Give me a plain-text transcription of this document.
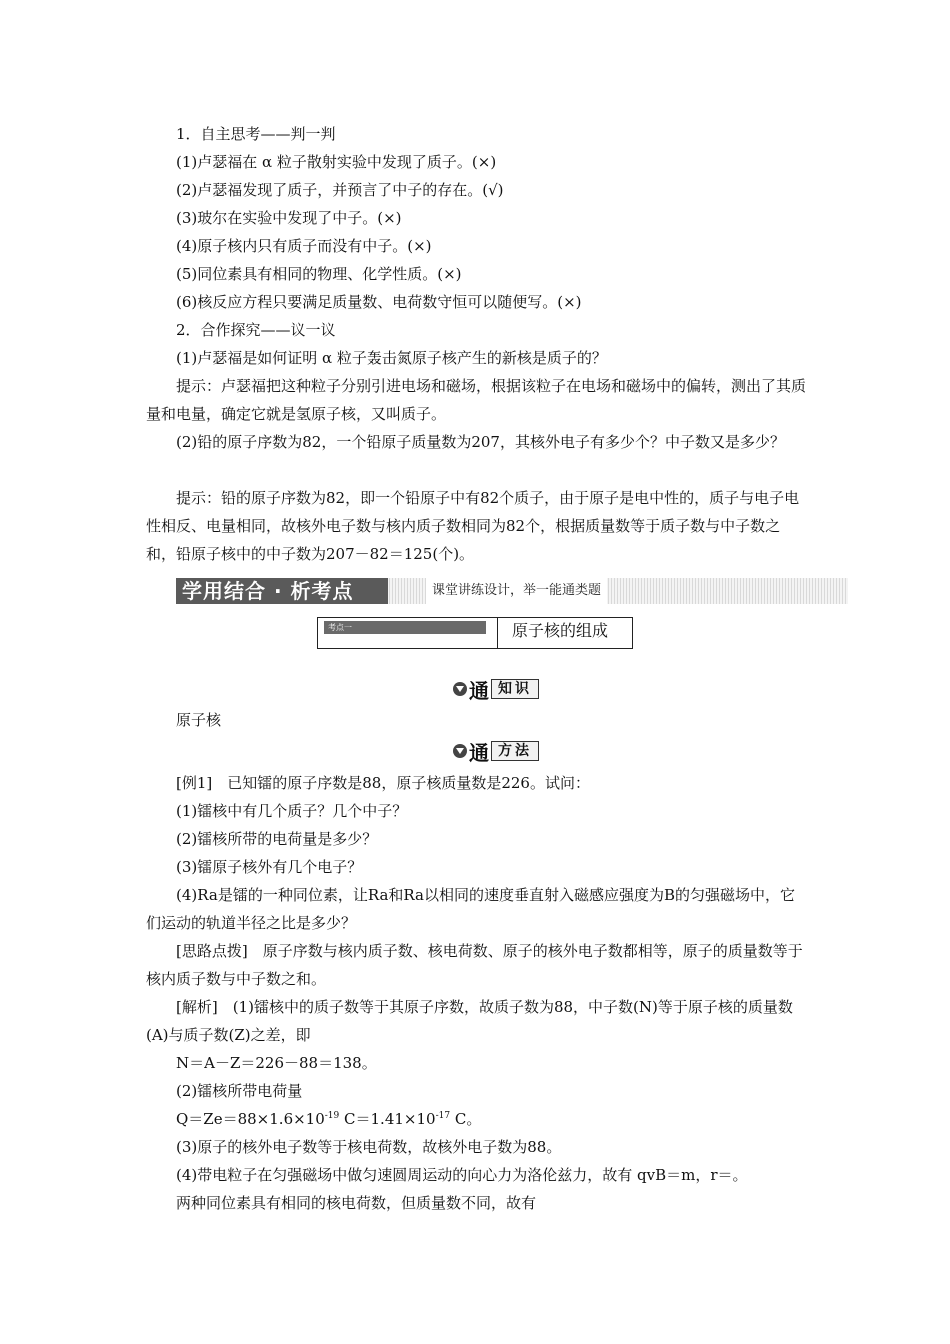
1．自主思考——判一判

(1)卢瑟福在 α 粒子散射实验中发现了质子。(×)

(2)卢瑟福发现了质子，并预言了中子的存在。(√)

(3)玻尔在实验中发现了中子。(×)

(4)原子核内只有质子而没有中子。(×)

(5)同位素具有相同的物理、化学性质。(×)

(6)核反应方程只要满足质量数、电荷数守恒可以随便写。(×)

2．合作探究——议一议

(1)卢瑟福是如何证明 α 粒子轰击氮原子核产生的新核是质子的？

提示：卢瑟福把这种粒子分别引进电场和磁场，根据该粒子在电场和磁场中的偏转，测出了其质量和电量，确定它就是氢原子核，又叫质子。

(2)铅的原子序数为82，一个铅原子质量数为207，其核外电子有多少个？中子数又是多少？

提示：铅的原子序数为82，即一个铅原子中有82个质子，由于原子是电中性的，质子与电子电性相反、电量相同，故核外电子数与核内质子数相同为82个，根据质量数等于质子数与中子数之和，铅原子核中的中子数为207－82＝125(个)。

学用结合 · 析考点	课堂讲练设计，举一能通类题
考点一	原子核的组成
通 知识

原子核

通 方法

[例1]　已知镭的原子序数是88，原子核质量数是226。试问：

(1)镭核中有几个质子？几个中子？

(2)镭核所带的电荷量是多少？

(3)镭原子核外有几个电子？

(4)Ra是镭的一种同位素，让Ra和Ra以相同的速度垂直射入磁感应强度为B的匀强磁场中，它们运动的轨道半径之比是多少？

[思路点拨]　原子序数与核内质子数、核电荷数、原子的核外电子数都相等，原子的质量数等于核内质子数与中子数之和。

[解析]　(1)镭核中的质子数等于其原子序数，故质子数为88，中子数(N)等于原子核的质量数(A)与质子数(Z)之差，即

N＝A－Z＝226－88＝138。

(2)镭核所带电荷量

$Q=Ze=88\times 1.6\times 10^{-19}$ $C=1.41\times 10^{-17}$ C。

(3)原子的核外电子数等于核电荷数，故核外电子数为88。

(4)带电粒子在匀强磁场中做匀速圆周运动的向心力为洛伦兹力，故有 qvB＝m，r＝。

两种同位素具有相同的核电荷数，但质量数不同，故有
